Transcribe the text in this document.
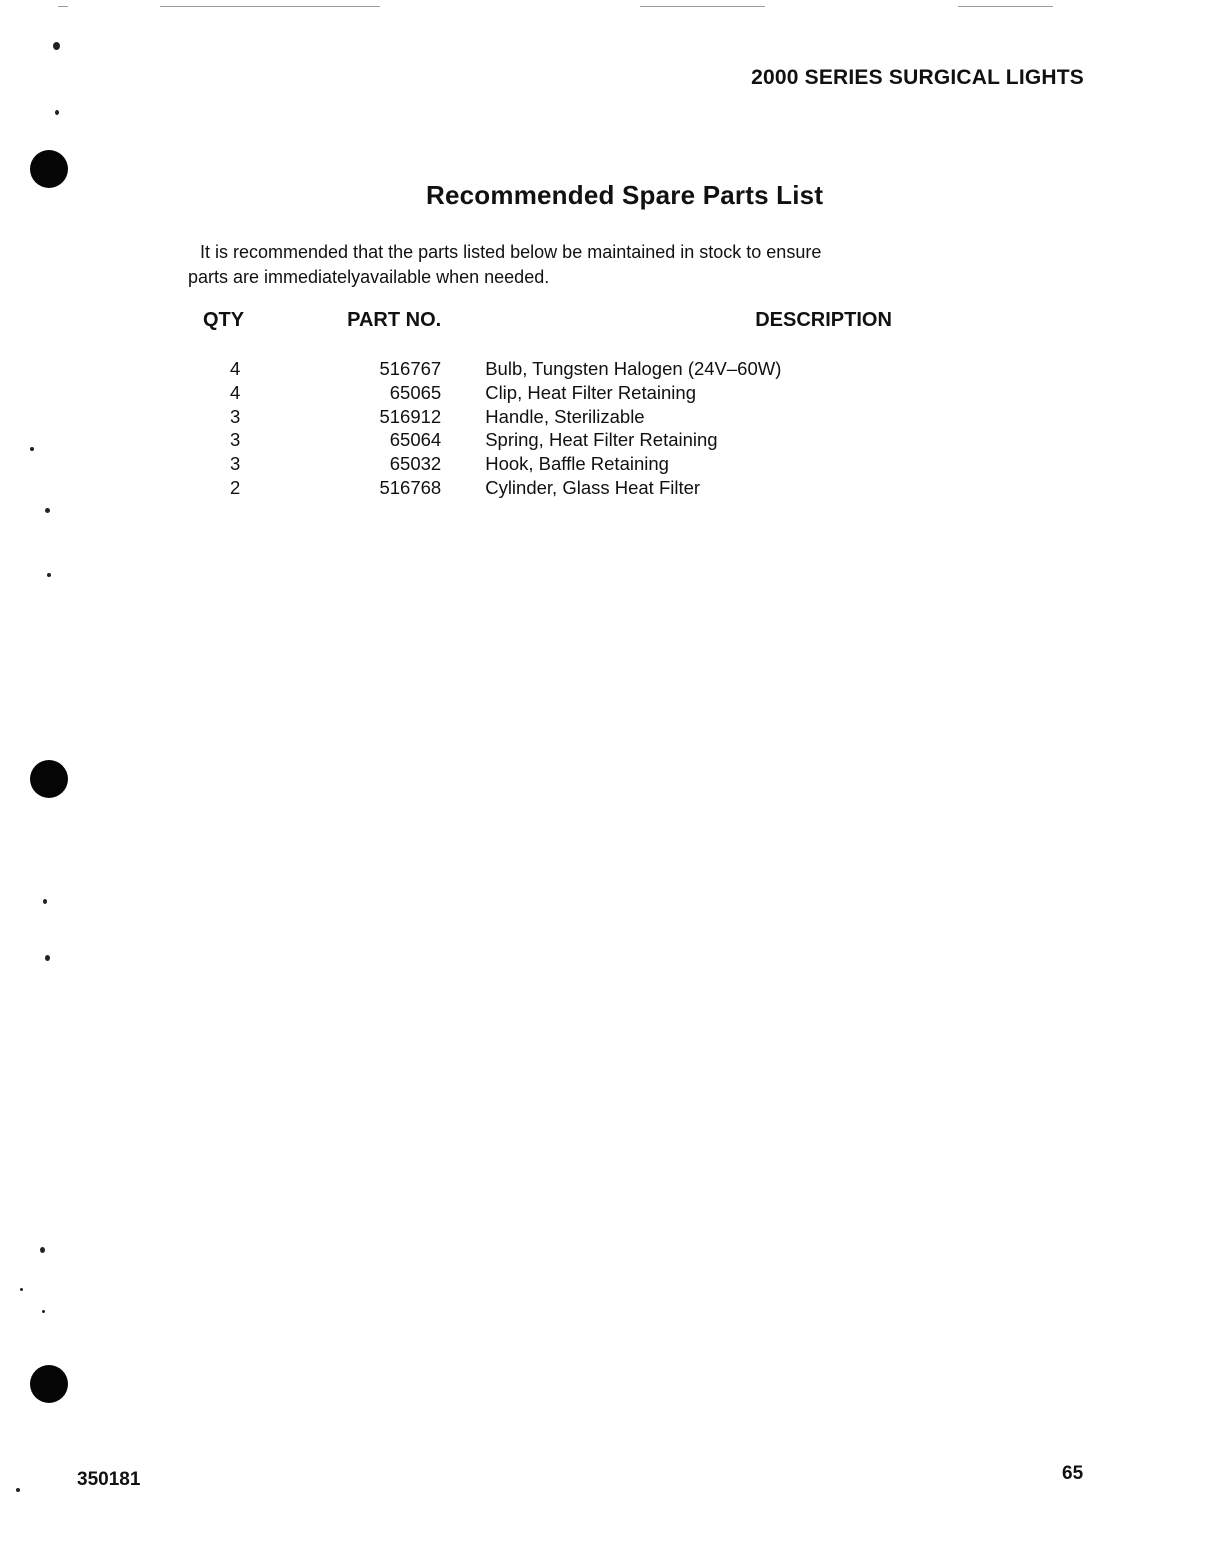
2000 SERIES SURGICAL LIGHTS
Recommended Spare Parts List
It is recommended that the parts listed below be maintained in stock to ensure
parts are immediatelyavailable when needed.
QTY	PART NO.	DESCRIPTION

4	516767	Bulb, Tungsten Halogen (24V–60W)
4	65065	Clip, Heat Filter Retaining
3	516912	Handle, Sterilizable
3	65064	Spring, Heat Filter Retaining
3	65032	Hook, Baffle Retaining
2	516768	Cylinder, Glass Heat Filter
350181	65
